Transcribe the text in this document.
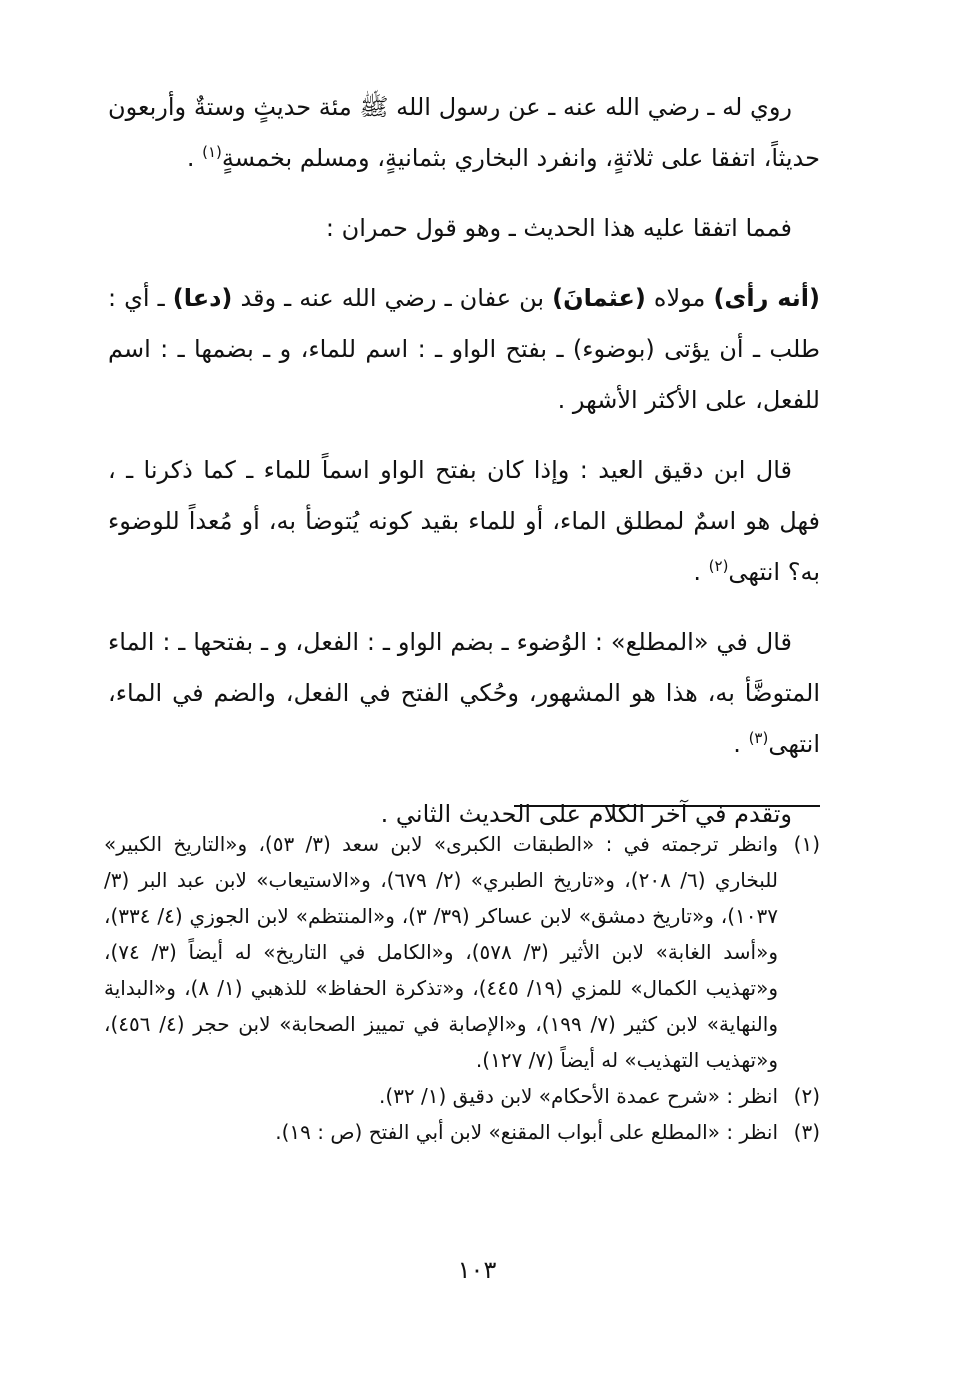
روي له ـ رضي الله عنه ـ عن رسول الله ﷺ مئة حديثٍ وستةٌ وأربعون حديثاً، اتفقا على ثلاثةٍ، وانفرد البخاري بثمانيةٍ، ومسلم بخمسةٍ$^{(١)}$ .

فمما اتفقا عليه هذا الحديث ـ وهو قول حمران :

(أنه رأى) مولاه (عثمانَ) بن عفان ـ رضي الله عنه ـ وقد (دعا) ـ أي : طلب ـ أن يؤتى (بوضوء) ـ بفتح الواو ـ : اسم للماء، و ـ بضمها ـ : اسم للفعل، على الأكثر الأشهر .

قال ابن دقيق العيد : وإذا كان بفتح الواو اسماً للماء ـ كما ذكرنا ـ ، فهل هو اسمٌ لمطلق الماء، أو للماء بقيد كونه يُتوضأ به، أو مُعداً للوضوء به؟ انتهى$^{(٢)}$ .

قال في «المطلع» : الوُضوء ـ بضم الواو ـ : الفعل، و ـ بفتحها ـ : الماء المتوضَّأ به، هذا هو المشهور، وحُكي الفتح في الفعل، والضم في الماء، انتهى$^{(٣)}$ .

وتقدم في آخر الكلام على الحديث الثاني .

(١)
وانظر ترجمته في : «الطبقات الكبرى» لابن سعد (٣/ ٥٣)، و«التاريخ الكبير» للبخاري (٦/ ٢٠٨)، و«تاريخ الطبري» (٢/ ٦٧٩)، و«الاستيعاب» لابن عبد البر (٣/ ١٠٣٧)، و«تاريخ دمشق» لابن عساكر (٣٩/ ٣)، و«المنتظم» لابن الجوزي (٤/ ٣٣٤)، و«أسد الغابة» لابن الأثير (٣/ ٥٧٨)، و«الكامل في التاريخ» له أيضاً (٣/ ٧٤)، و«تهذيب الكمال» للمزي (١٩/ ٤٤٥)، و«تذكرة الحفاظ» للذهبي (١/ ٨)، و«البداية والنهاية» لابن كثير (٧/ ١٩٩)، و«الإصابة في تمييز الصحابة» لابن حجر (٤/ ٤٥٦)، و«تهذيب التهذيب» له أيضاً (٧/ ١٢٧).
(٢)
انظر : «شرح عمدة الأحكام» لابن دقيق (١/ ٣٢).
(٣)
انظر : «المطلع على أبواب المقنع» لابن أبي الفتح (ص : ١٩).
١٠٣
